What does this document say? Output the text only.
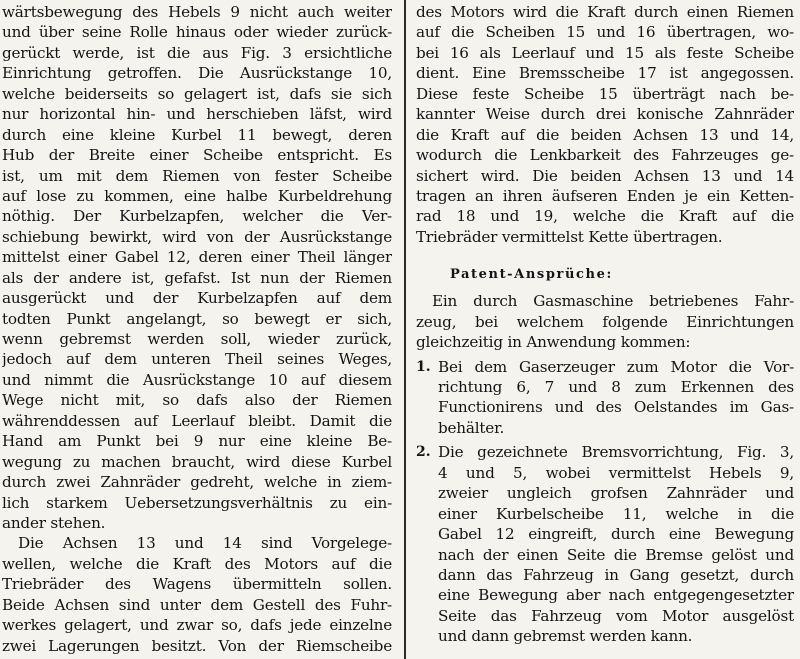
wärtsbewegung des Hebels 9 nicht auch weiter
und über seine Rolle hinaus oder wieder zurück-
gerückt werde, ist die aus Fig. 3 ersichtliche
Einrichtung getroffen. Die Ausrückstange 10,
welche beiderseits so gelagert ist, dafs sie sich
nur horizontal hin- und herschieben läfst, wird
durch eine kleine Kurbel 11 bewegt, deren
Hub der Breite einer Scheibe entspricht. Es
ist, um mit dem Riemen von fester Scheibe
auf lose zu kommen, eine halbe Kurbeldrehung
nöthig. Der Kurbelzapfen, welcher die Ver-
schiebung bewirkt, wird von der Ausrückstange
mittelst einer Gabel 12, deren einer Theil länger
als der andere ist, gefafst. Ist nun der Riemen
ausgerückt und der Kurbelzapfen auf dem
todten Punkt angelangt, so bewegt er sich,
wenn gebremst werden soll, wieder zurück,
jedoch auf dem unteren Theil seines Weges,
und nimmt die Ausrückstange 10 auf diesem
Wege nicht mit, so dafs also der Riemen
währenddessen auf Leerlauf bleibt. Damit die
Hand am Punkt bei 9 nur eine kleine Be-
wegung zu machen braucht, wird diese Kurbel
durch zwei Zahnräder gedreht, welche in ziem-
lich starkem Uebersetzungsverhältnis zu ein-
ander stehen.
Die Achsen 13 und 14 sind Vorgelege-
wellen, welche die Kraft des Motors auf die
Triebräder des Wagens übermitteln sollen.
Beide Achsen sind unter dem Gestell des Fuhr-
werkes gelagert, und zwar so, dafs jede einzelne
zwei Lagerungen besitzt. Von der Riemscheibe
des Motors wird die Kraft durch einen Riemen
auf die Scheiben 15 und 16 übertragen, wo-
bei 16 als Leerlauf und 15 als feste Scheibe
dient. Eine Bremsscheibe 17 ist angegossen.
Diese feste Scheibe 15 überträgt nach be-
kannter Weise durch drei konische Zahnräder
die Kraft auf die beiden Achsen 13 und 14,
wodurch die Lenkbarkeit des Fahrzeuges ge-
sichert wird. Die beiden Achsen 13 und 14
tragen an ihren äufseren Enden je ein Ketten-
rad 18 und 19, welche die Kraft auf die
Triebräder vermittelst Kette übertragen.
Patent-Ansprüche:
Ein durch Gasmaschine betriebenes Fahr-
zeug, bei welchem folgende Einrichtungen
gleichzeitig in Anwendung kommen:
1. Bei dem Gaserzeuger zum Motor die Vor-
richtung 6, 7 und 8 zum Erkennen des
Functionirens und des Oelstandes im Gas-
behälter.
2. Die gezeichnete Bremsvorrichtung, Fig. 3,
4 und 5, wobei vermittelst Hebels 9,
zweier ungleich grofsen Zahnräder und
einer Kurbelscheibe 11, welche in die
Gabel 12 eingreift, durch eine Bewegung
nach der einen Seite die Bremse gelöst und
dann das Fahrzeug in Gang gesetzt, durch
eine Bewegung aber nach entgegengesetzter
Seite das Fahrzeug vom Motor ausgelöst
und dann gebremst werden kann.
